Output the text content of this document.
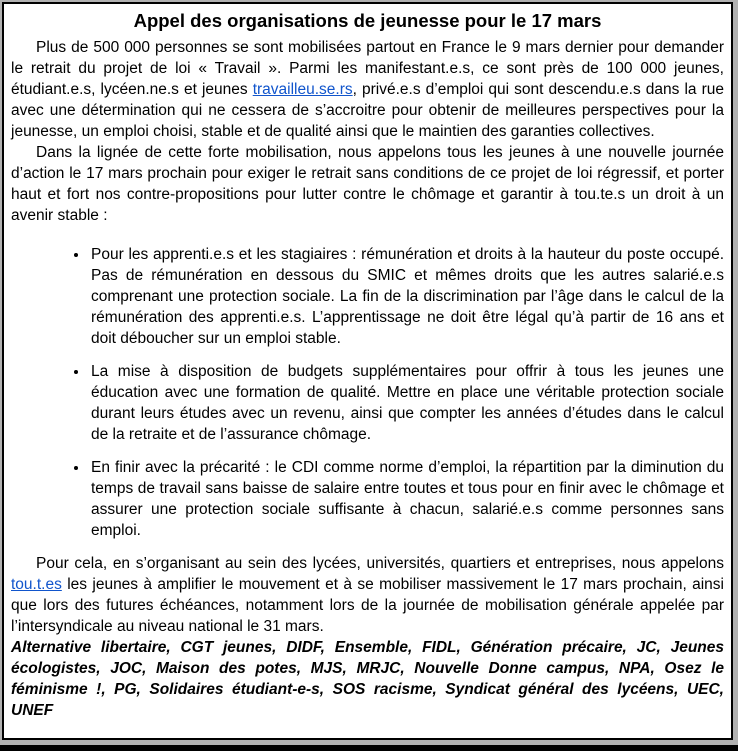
Appel des organisations de jeunesse pour le 17 mars

Plus de 500 000 personnes se sont mobilisées partout en France le 9 mars dernier pour demander le retrait du projet de loi « Travail ». Parmi les manifestant.e.s, ce sont près de 100 000 jeunes, étudiant.e.s, lycéen.ne.s et jeunes travailleu.se.rs, privé.e.s d’emploi qui sont descendu.e.s dans la rue avec une détermination qui ne cessera de s’accroitre pour obtenir de meilleures perspectives pour la jeunesse, un emploi choisi, stable et de qualité ainsi que le maintien des garanties collectives.

Dans la lignée de cette forte mobilisation, nous appelons tous les jeunes à une nouvelle journée d’action le 17 mars prochain pour exiger le retrait sans conditions de ce projet de loi régressif, et porter haut et fort nos contre-propositions pour lutter contre le chômage et garantir à tou.te.s un droit à un avenir stable :

• Pour les apprenti.e.s et les stagiaires : rémunération et droits à la hauteur du poste occupé. Pas de rémunération en dessous du SMIC et mêmes droits que les autres salarié.e.s comprenant une protection sociale. La fin de la discrimination par l’âge dans le calcul de la rémunération des apprenti.e.s. L’apprentissage ne doit être légal qu’à partir de 16 ans et doit déboucher sur un emploi stable.
• La mise à disposition de budgets supplémentaires pour offrir à tous les jeunes une éducation avec une formation de qualité. Mettre en place une véritable protection sociale durant leurs études avec un revenu, ainsi que compter les années d’études dans le calcul de la retraite et de l’assurance chômage.
• En finir avec la précarité : le CDI comme norme d’emploi, la répartition par la diminution du temps de travail sans baisse de salaire entre toutes et tous pour en finir avec le chômage et assurer une protection sociale suffisante à chacun, salarié.e.s comme personnes sans emploi.

Pour cela, en s’organisant au sein des lycées, universités, quartiers et entreprises, nous appelons tou.t.es les jeunes à amplifier le mouvement et à se mobiliser massivement le 17 mars prochain, ainsi que lors des futures échéances, notamment lors de la journée de mobilisation générale appelée par l’intersyndicale au niveau national le 31 mars.

Alternative libertaire, CGT jeunes, DIDF, Ensemble, FIDL, Génération précaire, JC, Jeunes écologistes, JOC, Maison des potes, MJS, MRJC, Nouvelle Donne campus, NPA, Osez le féminisme !, PG, Solidaires étudiant-e-s, SOS racisme, Syndicat général des lycéens, UEC, UNEF
